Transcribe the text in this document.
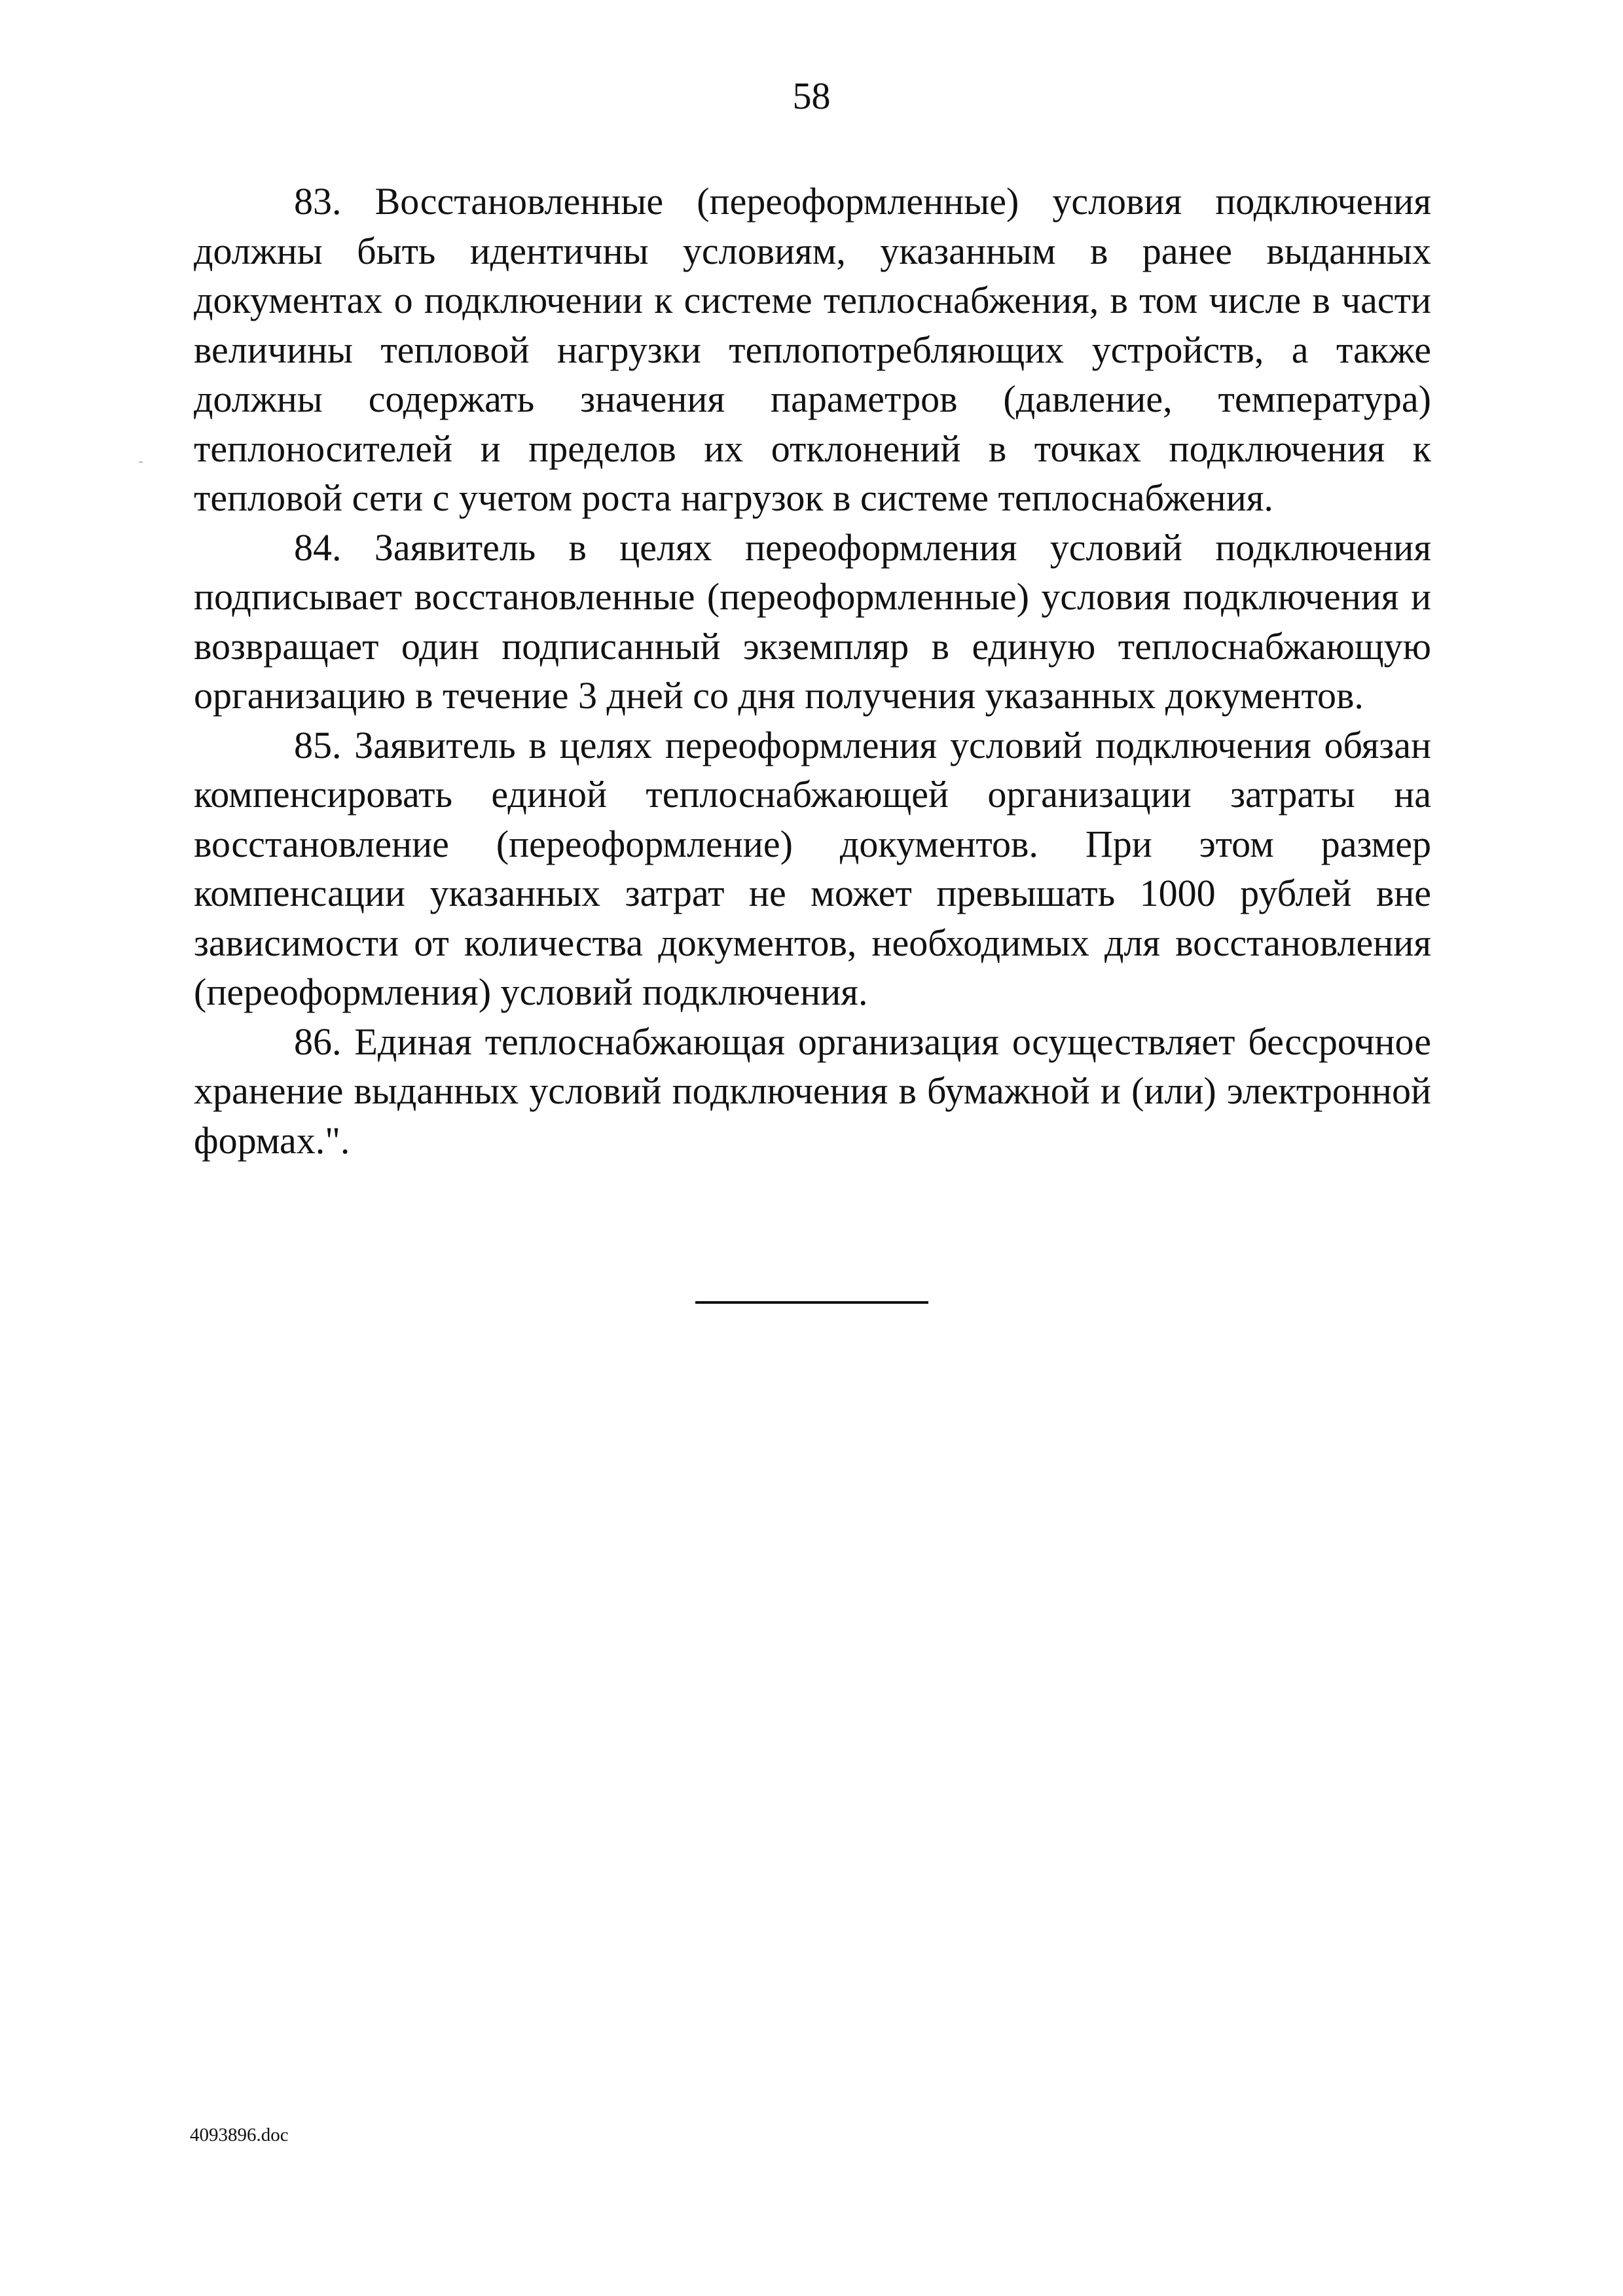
58

83. Восстановленные (переоформленные) условия подключения должны быть идентичны условиям, указанным в ранее выданных документах о подключении к системе теплоснабжения, в том числе в части величины тепловой нагрузки теплопотребляющих устройств, а также должны содержать значения параметров (давление, температура) теплоносителей и пределов их отклонений в точках подключения к тепловой сети с учетом роста нагрузок в системе теплоснабжения.

84. Заявитель в целях переоформления условий подключения подписывает восстановленные (переоформленные) условия подключения и возвращает один подписанный экземпляр в единую теплоснабжающую организацию в течение 3 дней со дня получения указанных документов.

85. Заявитель в целях переоформления условий подключения обязан компенсировать единой теплоснабжающей организации затраты на восстановление (переоформление) документов. При этом размер компенсации указанных затрат не может превышать 1000 рублей вне зависимости от количества документов, необходимых для восстановления (переоформления) условий подключения.

86. Единая теплоснабжающая организация осуществляет бессрочное хранение выданных условий подключения в бумажной и (или) электронной формах.".

4093896.doc
